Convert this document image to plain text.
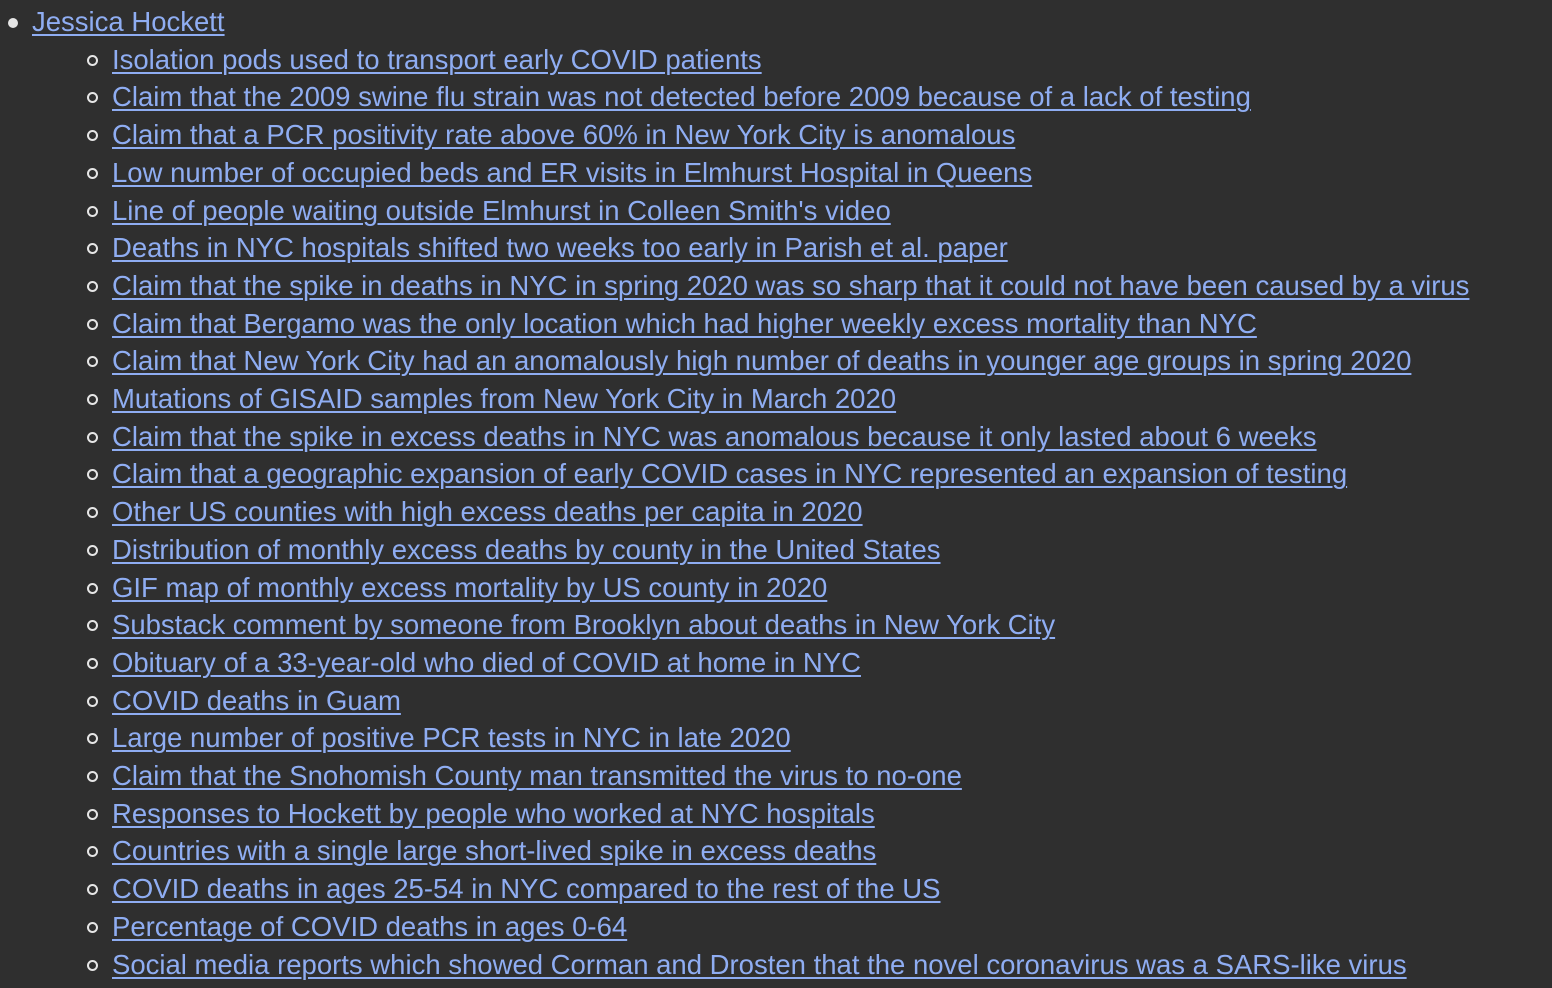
Jessica Hockett
Isolation pods used to transport early COVID patients
Claim that the 2009 swine flu strain was not detected before 2009 because of a lack of testing
Claim that a PCR positivity rate above 60% in New York City is anomalous
Low number of occupied beds and ER visits in Elmhurst Hospital in Queens
Line of people waiting outside Elmhurst in Colleen Smith's video
Deaths in NYC hospitals shifted two weeks too early in Parish et al. paper
Claim that the spike in deaths in NYC in spring 2020 was so sharp that it could not have been caused by a virus
Claim that Bergamo was the only location which had higher weekly excess mortality than NYC
Claim that New York City had an anomalously high number of deaths in younger age groups in spring 2020
Mutations of GISAID samples from New York City in March 2020
Claim that the spike in excess deaths in NYC was anomalous because it only lasted about 6 weeks
Claim that a geographic expansion of early COVID cases in NYC represented an expansion of testing
Other US counties with high excess deaths per capita in 2020
Distribution of monthly excess deaths by county in the United States
GIF map of monthly excess mortality by US county in 2020
Substack comment by someone from Brooklyn about deaths in New York City
Obituary of a 33-year-old who died of COVID at home in NYC
COVID deaths in Guam
Large number of positive PCR tests in NYC in late 2020
Claim that the Snohomish County man transmitted the virus to no-one
Responses to Hockett by people who worked at NYC hospitals
Countries with a single large short-lived spike in excess deaths
COVID deaths in ages 25-54 in NYC compared to the rest of the US
Percentage of COVID deaths in ages 0-64
Social media reports which showed Corman and Drosten that the novel coronavirus was a SARS-like virus
